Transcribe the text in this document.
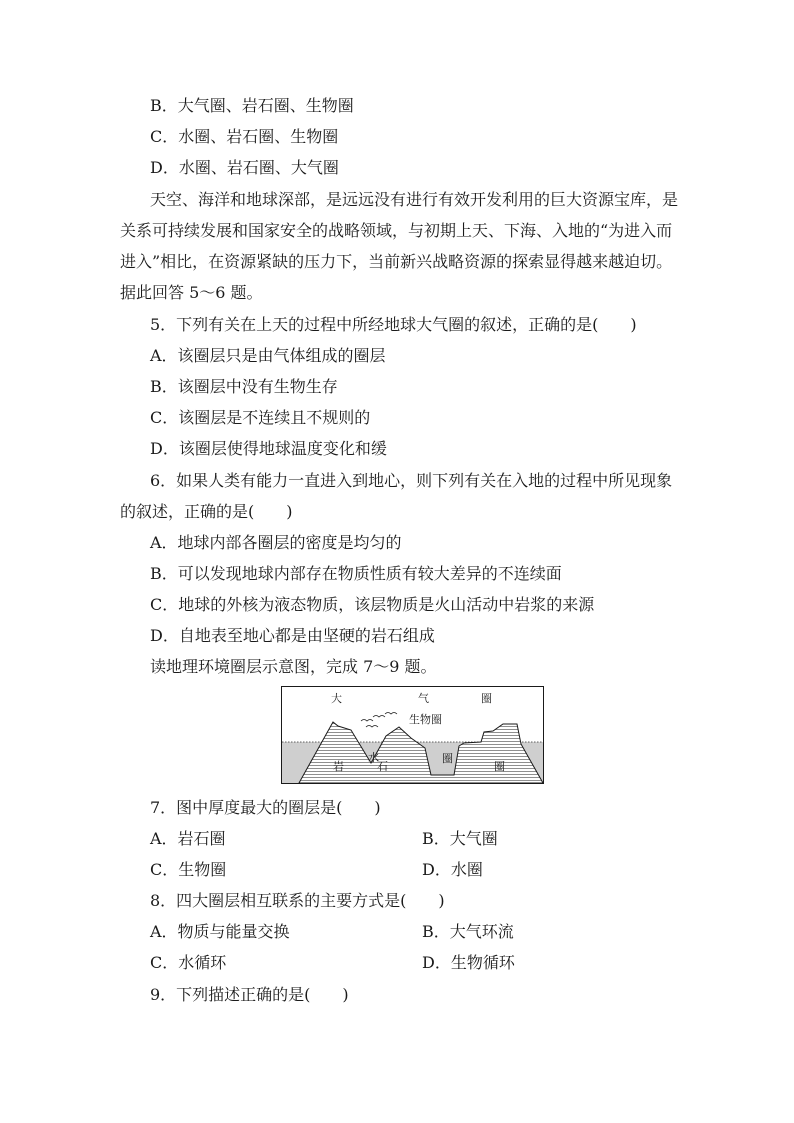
B．大气圈、岩石圈、生物圈
C．水圈、岩石圈、生物圈
D．水圈、岩石圈、大气圈
天空、海洋和地球深部，是远远没有进行有效开发利用的巨大资源宝库，是
关系可持续发展和国家安全的战略领域，与初期上天、下海、入地的“为进入而
进入”相比，在资源紧缺的压力下，当前新兴战略资源的探索显得越来越迫切。
据此回答 5～6 题。
5．下列有关在上天的过程中所经地球大气圈的叙述，正确的是(　　)
A．该圈层只是由气体组成的圈层
B．该圈层中没有生物生存
C．该圈层是不连续且不规则的
D．该圈层使得地球温度变化和缓
6．如果人类有能力一直进入到地心，则下列有关在入地的过程中所见现象
的叙述，正确的是(　　)
A．地球内部各圈层的密度是均匀的
B．可以发现地球内部存在物质性质有较大差异的不连续面
C．地球的外核为液态物质，该层物质是火山活动中岩浆的来源
D．自地表至地心都是由坚硬的岩石组成
读地理环境圈层示意图，完成 7～9 题。
大	气	圈
生物圈
水
岩	石
圈
圈
7．图中厚度最大的圈层是(　　)
A．岩石圈	B．大气圈
C．生物圈	D．水圈
8．四大圈层相互联系的主要方式是(　　)
A．物质与能量交换	B．大气环流
C．水循环	D．生物循环
9．下列描述正确的是(　　)
